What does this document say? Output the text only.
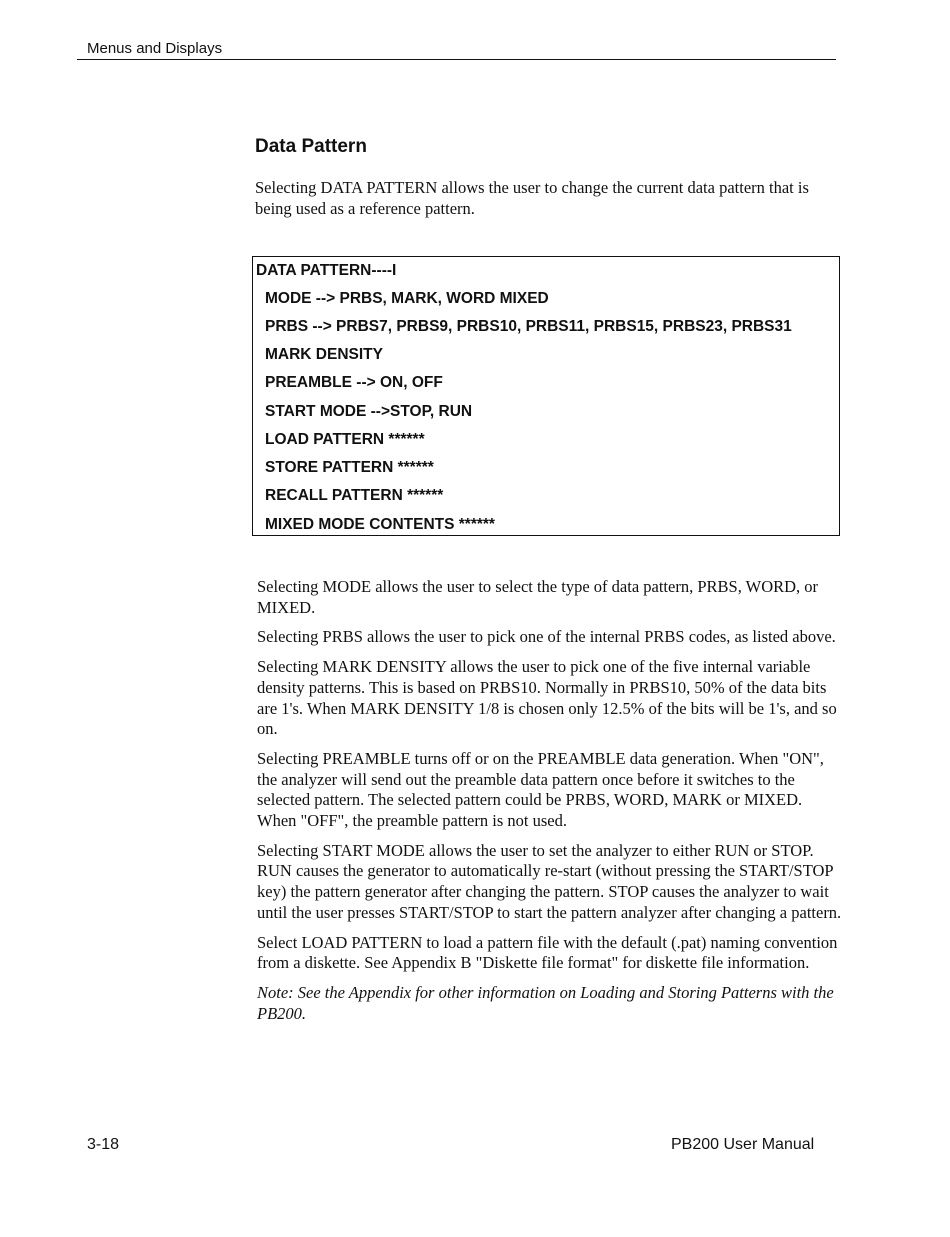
Menus and Displays
Data Pattern
Selecting DATA PATTERN allows the user to change the current data pattern that is being used as a reference pattern.
DATA PATTERN----I
MODE --> PRBS, MARK, WORD MIXED
PRBS --> PRBS7, PRBS9, PRBS10, PRBS11, PRBS15, PRBS23, PRBS31
MARK DENSITY
PREAMBLE --> ON, OFF
START MODE -->STOP, RUN
LOAD PATTERN ******
STORE PATTERN ******
RECALL PATTERN ******
MIXED MODE CONTENTS ******

Selecting MODE allows the user to select the type of data pattern, PRBS, WORD, or MIXED.

Selecting PRBS allows the user to pick one of the internal PRBS codes, as listed above.

Selecting MARK DENSITY allows the user to pick one of the five internal variable density patterns. This is based on PRBS10. Normally in PRBS10, 50% of the data bits are 1's. When MARK DENSITY 1/8 is chosen only 12.5% of the bits will be 1's, and so on.

Selecting PREAMBLE turns off or on the PREAMBLE data generation. When "ON", the analyzer will send out the preamble data pattern once before it switches to the selected pattern. The selected pattern could be PRBS, WORD, MARK or MIXED. When "OFF", the preamble pattern is not used.

Selecting START MODE allows the user to set the analyzer to either RUN or STOP. RUN causes the generator to automatically re-start (without pressing the START/STOP key) the pattern generator after changing the pattern. STOP causes the analyzer to wait until the user presses START/STOP to start the pattern analyzer after changing a pattern.

Select LOAD PATTERN to load a pattern file with the default (.pat) naming convention from a diskette. See Appendix B "Diskette file format" for diskette file information.

Note: See the Appendix for other information on Loading and Storing Patterns with the PB200.

3-18	PB200 User Manual
